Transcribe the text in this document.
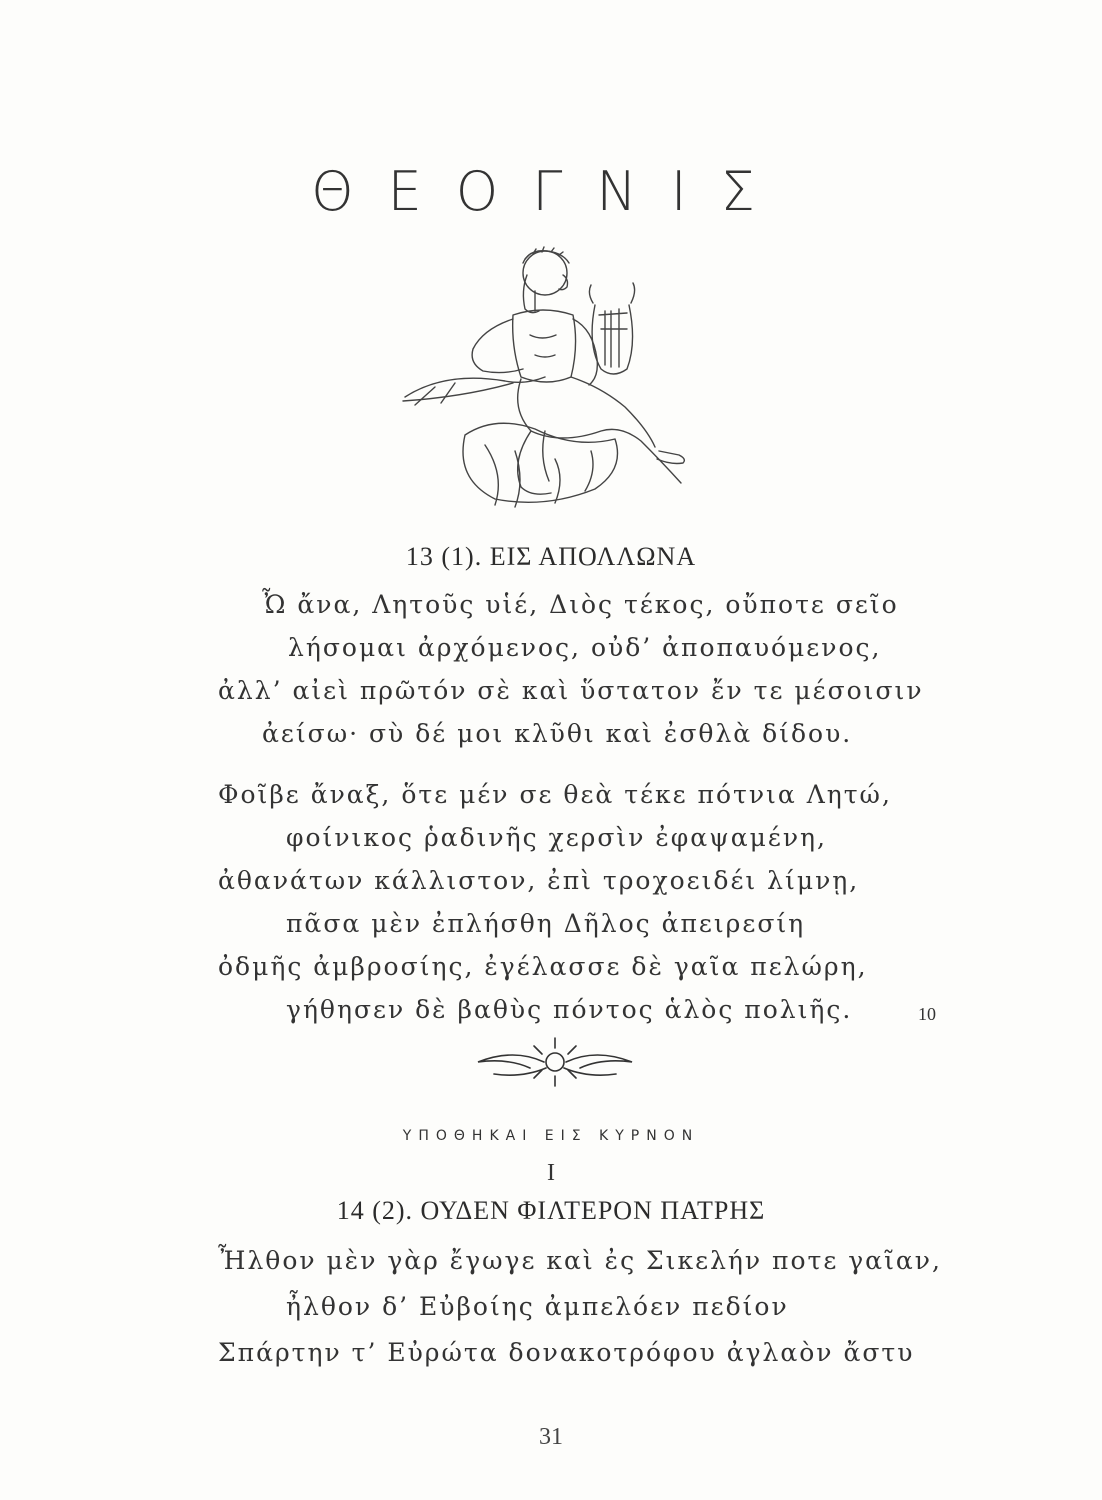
ΘΕΟΓΝΙΣ
13 (1). ΕΙΣ ΑΠΟΛΛΩΝΑ
Ὦ ἄνα, Λητοῦς υἱέ, Διὸς τέκος, οὔποτε σεῖο
λήσομαι ἀρχόμενος, οὐδ’ ἀποπαυόμενος,
ἀλλ’ αἰεὶ πρῶτόν σὲ καὶ ὕστατον ἔν τε μέσοισιν
ἀείσω· σὺ δέ μοι κλῦθι καὶ ἐσθλὰ δίδου.
Φοῖβε ἄναξ, ὅτε μέν σε θεὰ τέκε πότνια Λητώ,
φοίνικος ῥαδινῆς χερσὶν ἐφαψαμένη,
ἀθανάτων κάλλιστον, ἐπὶ τροχοειδέι λίμνῃ,
πᾶσα μὲν ἐπλήσθη Δῆλος ἀπειρεσίη
ὀδμῆς ἀμβροσίης, ἐγέλασσε δὲ γαῖα πελώρη,
γήθησεν δὲ βαθὺς πόντος ἁλὸς πολιῆς.	10
ΥΠΟΘΗΚΑΙ ΕΙΣ ΚΥΡΝΟΝ
I
14 (2). ΟΥΔΕΝ ΦΙΛΤΕΡΟΝ ΠΑΤΡΗΣ
Ἦλθον μὲν γὰρ ἔγωγε καὶ ἐς Σικελήν ποτε γαῖαν,
ἦλθον δ’ Εὐβοίης ἀμπελόεν πεδίον
Σπάρτην τ’ Εὐρώτα δονακοτρόφου ἀγλαὸν ἄστυ
31
